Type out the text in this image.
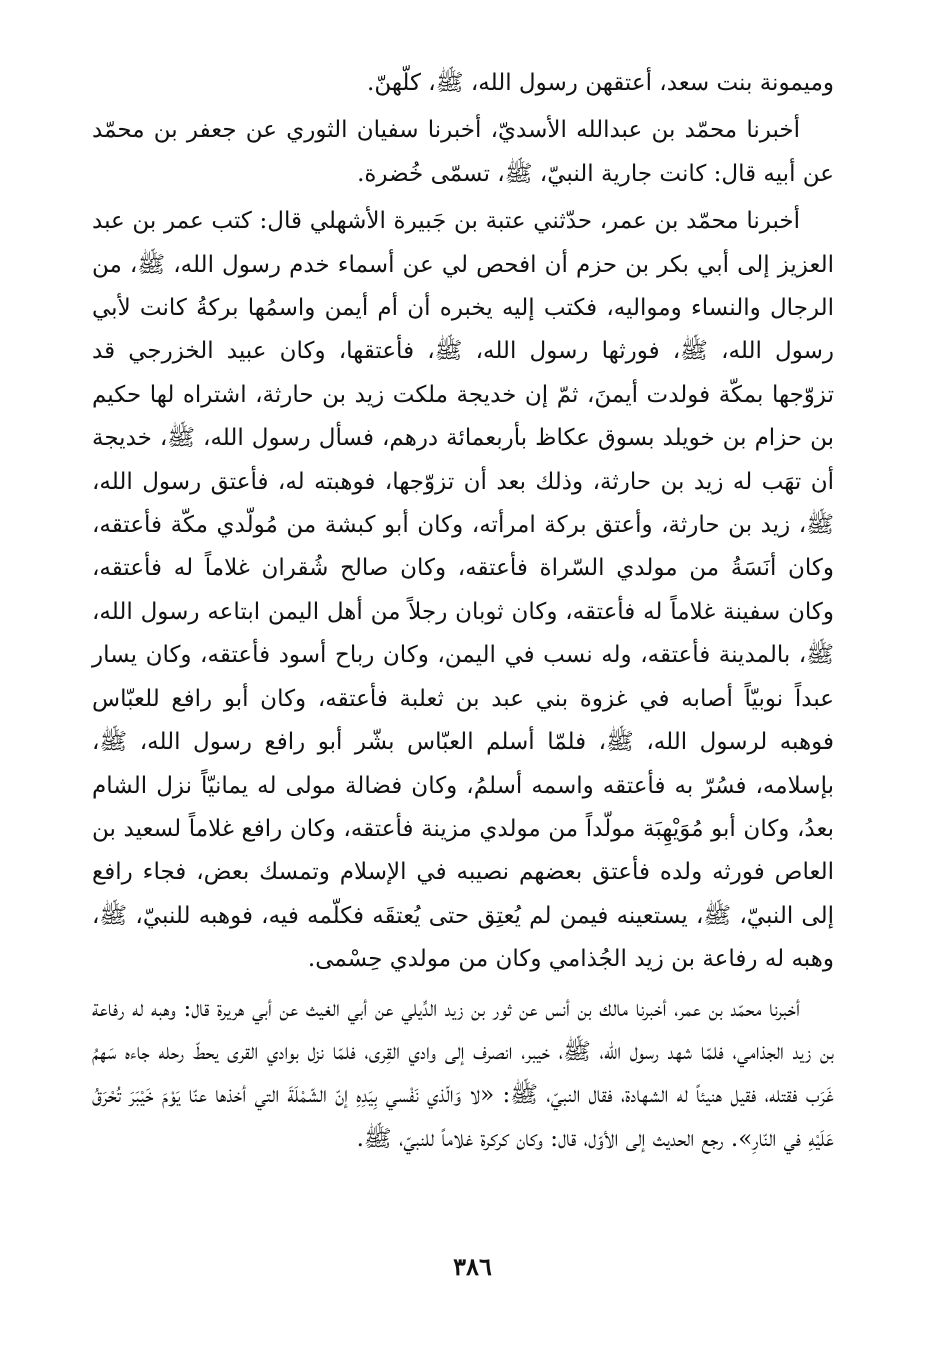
وميمونة بنت سعد، أعتقهن رسول الله، ﷺ، كلّهنّ.

أخبرنا محمّد بن عبدالله الأسديّ، أخبرنا سفيان الثوري عن جعفر بن محمّد عن أبيه قال: كانت جارية النبيّ، ﷺ، تسمّى خُضرة.

أخبرنا محمّد بن عمر، حدّثني عتبة بن جَبيرة الأشهلي قال: كتب عمر بن عبد العزيز إلى أبي بكر بن حزم أن افحص لي عن أسماء خدم رسول الله، ﷺ، من الرجال والنساء ومواليه، فكتب إليه يخبره أن أم أيمن واسمُها بركةُ كانت لأبي رسول الله، ﷺ، فورثها رسول الله، ﷺ، فأعتقها، وكان عبيد الخزرجي قد تزوّجها بمكّة فولدت أيمنَ، ثمّ إن خديجة ملكت زيد بن حارثة، اشتراه لها حكيم بن حزام بن خويلد بسوق عكاظ بأربعمائة درهم، فسأل رسول الله، ﷺ، خديجة أن تهَب له زيد بن حارثة، وذلك بعد أن تزوّجها، فوهبته له، فأعتق رسول الله، ﷺ، زيد بن حارثة، وأعتق بركة امرأته، وكان أبو كبشة من مُولّدي مكّة فأعتقه، وكان أنَسَةُ من مولدي السّراة فأعتقه، وكان صالح شُقران غلاماً له فأعتقه، وكان سفينة غلاماً له فأعتقه، وكان ثوبان رجلاً من أهل اليمن ابتاعه رسول الله، ﷺ، بالمدينة فأعتقه، وله نسب في اليمن، وكان رباح أسود فأعتقه، وكان يسار عبداً نوبيّاً أصابه في غزوة بني عبد بن ثعلبة فأعتقه، وكان أبو رافع للعبّاس فوهبه لرسول الله، ﷺ، فلمّا أسلم العبّاس بشّر أبو رافع رسول الله، ﷺ، بإسلامه، فسُرّ به فأعتقه واسمه أسلمُ، وكان فضالة مولى له يمانيّاً نزل الشام بعدُ، وكان أبو مُوَيْهِبَة مولّداً من مولدي مزينة فأعتقه، وكان رافع غلاماً لسعيد بن العاص فورثه ولده فأعتق بعضهم نصيبه في الإسلام وتمسك بعض، فجاء رافع إلى النبيّ، ﷺ، يستعينه فيمن لم يُعتِق حتى يُعتقَه فكلّمه فيه، فوهبه للنبيّ، ﷺ، وهبه له رفاعة بن زيد الجُذامي وكان من مولدي حِسْمى.

أخبرنا محمّد بن عمر، أخبرنا مالك بن أنس عن ثور بن زيد الدِّيلي عن أبي الغيث عن أبي هريرة قال: وهبه له رفاعة بن زيد الجذامي، فلمّا شهد رسول الله، ﷺ، خيبر، انصرف إلى وادي القِرى، فلمّا نزل بوادي القرى يحطّ رحله جاءه سَهمُ غَرَب فقتله، فقيل هنيئاً له الشهادة، فقال النبيّ، ﷺ: «لا وَالّذي نَفْسي بِيَدِهِ إنّ الشّمْلَةَ التي أخذها عنّا يَوْمَ خَيْبَرَ تُحْرَقُ عَلَيْهِ في النّارِ». رجع الحديث إلى الأوّل، قال: وكان كركرة غلاماً للنبيّ، ﷺ.

٣٨٦
